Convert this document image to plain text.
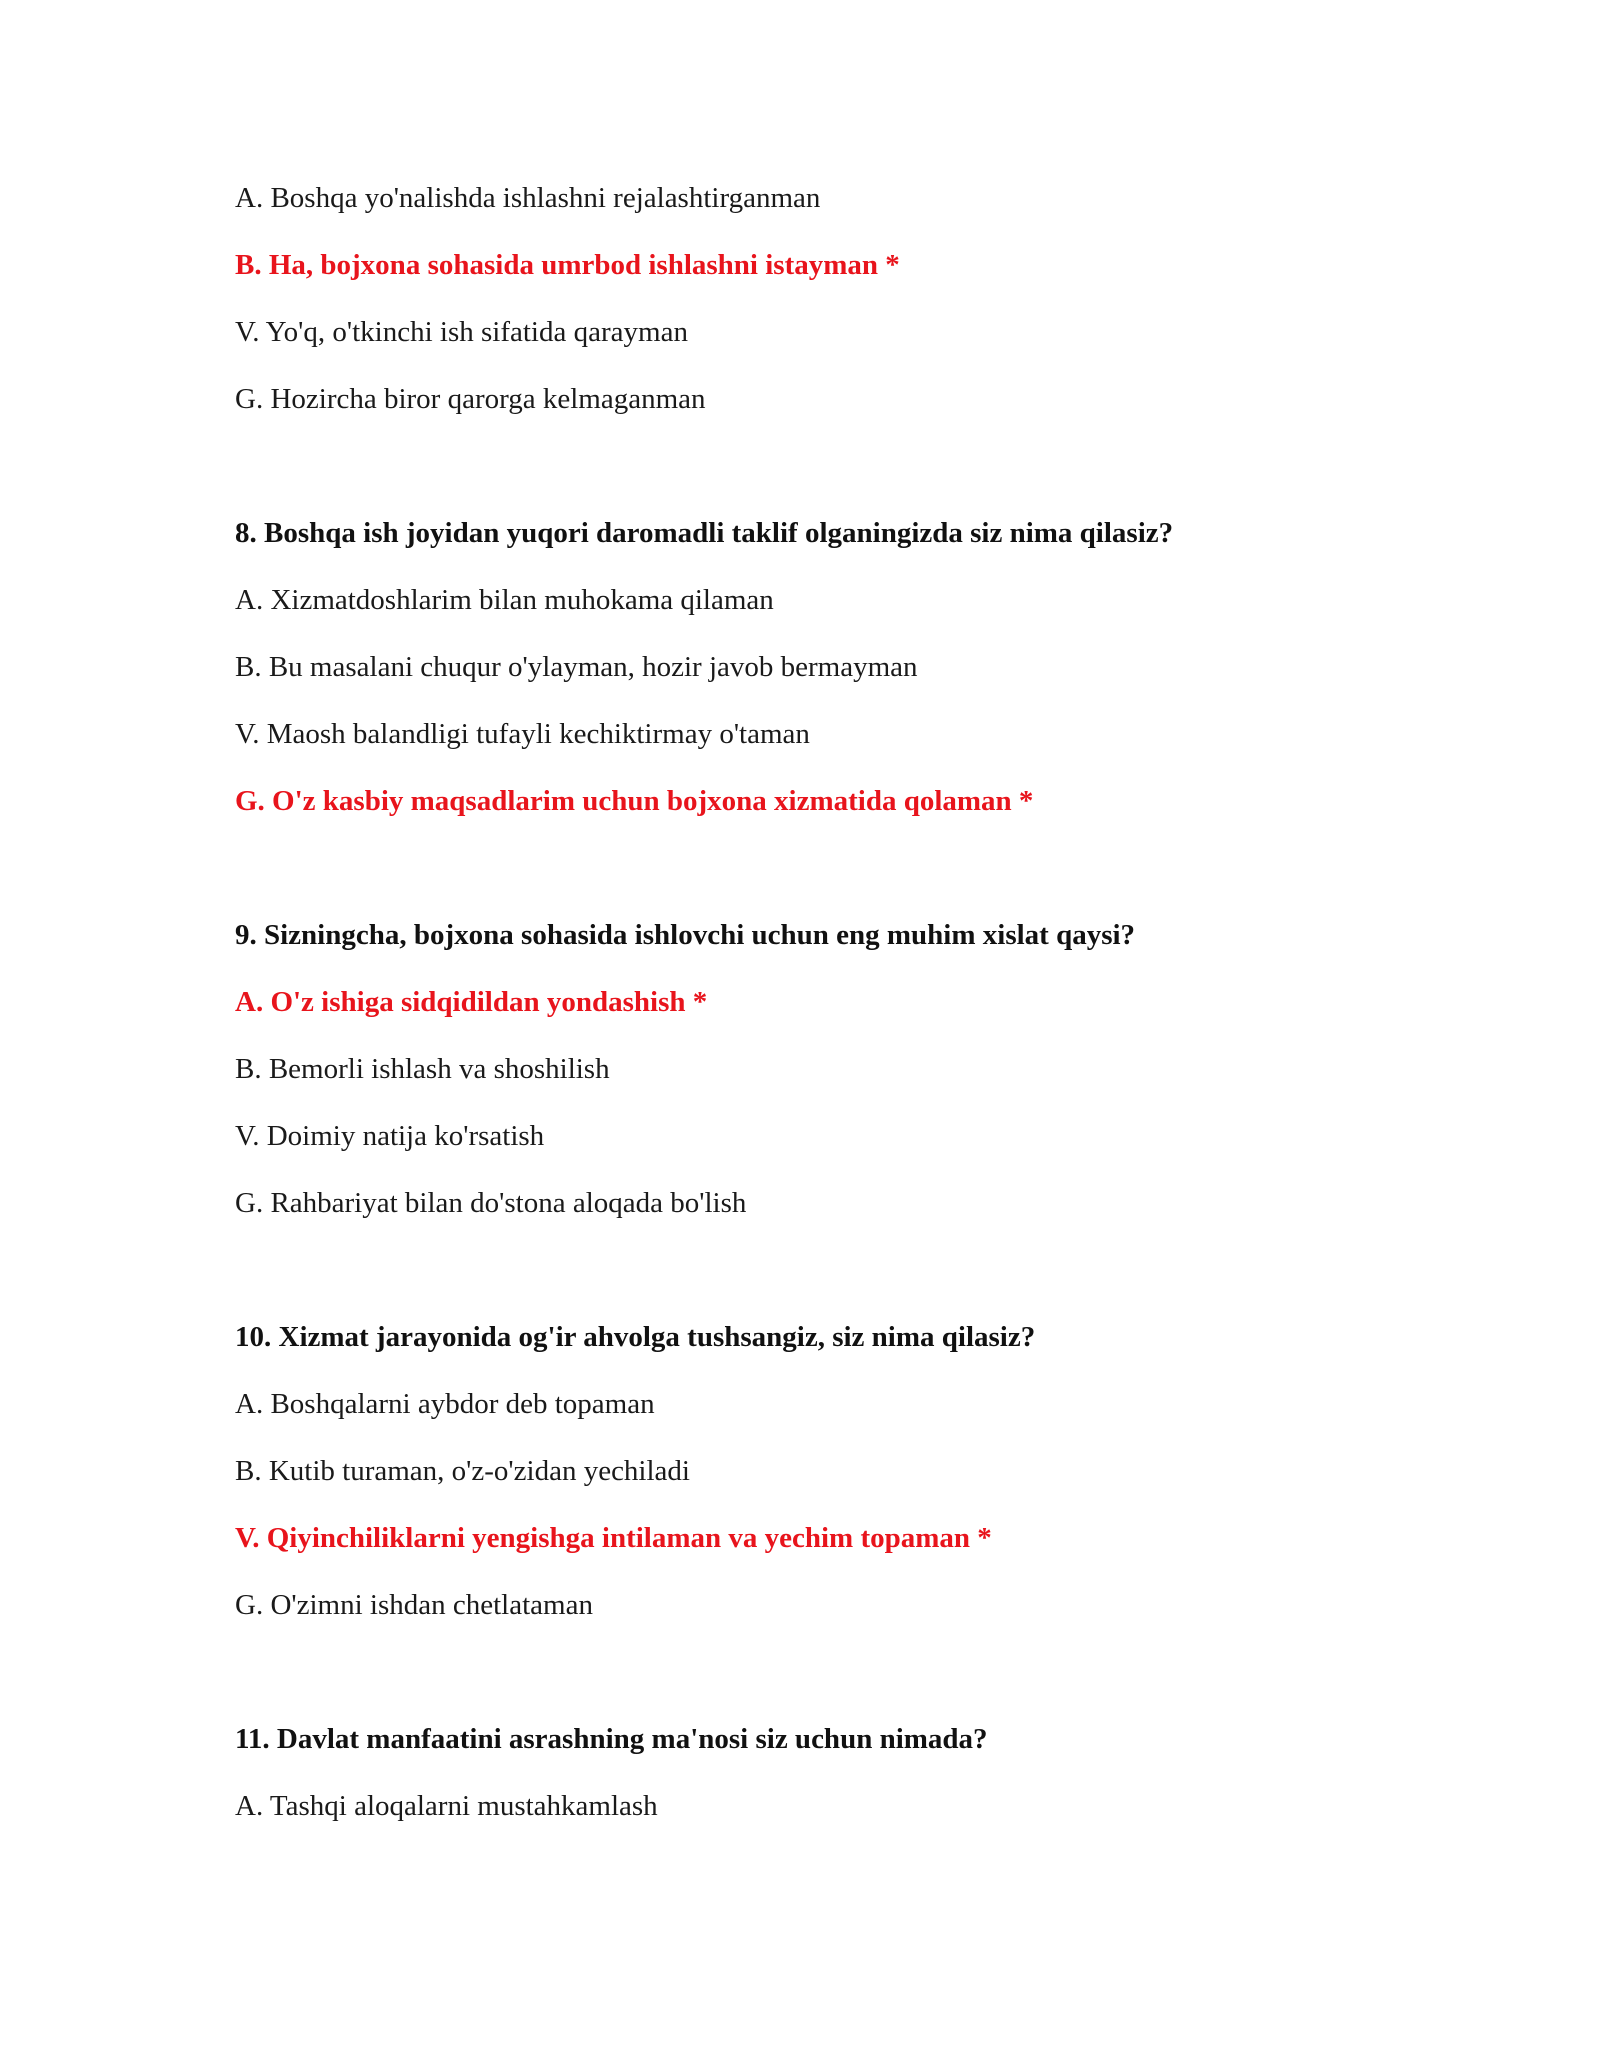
A. Boshqa yo'nalishda ishlashni rejalashtirganman
B. Ha, bojxona sohasida umrbod ishlashni istayman *
V. Yo'q, o'tkinchi ish sifatida qarayman
G. Hozircha biror qarorga kelmaganman
8. Boshqa ish joyidan yuqori daromadli taklif olganingizda siz nima qilasiz?
A. Xizmatdoshlarim bilan muhokama qilaman
B. Bu masalani chuqur o'ylayman, hozir javob bermayman
V. Maosh balandligi tufayli kechiktirmay o'taman
G. O'z kasbiy maqsadlarim uchun bojxona xizmatida qolaman *
9. Sizningcha, bojxona sohasida ishlovchi uchun eng muhim xislat qaysi?
A. O'z ishiga sidqidildan yondashish *
B. Bemorli ishlash va shoshilish
V. Doimiy natija ko'rsatish
G. Rahbariyat bilan do'stona aloqada bo'lish
10. Xizmat jarayonida og'ir ahvolga tushsangiz, siz nima qilasiz?
A. Boshqalarni aybdor deb topaman
B. Kutib turaman, o'z-o'zidan yechiladi
V. Qiyinchiliklarni yengishga intilaman va yechim topaman *
G. O'zimni ishdan chetlataman
11. Davlat manfaatini asrashning ma'nosi siz uchun nimada?
A. Tashqi aloqalarni mustahkamlash
